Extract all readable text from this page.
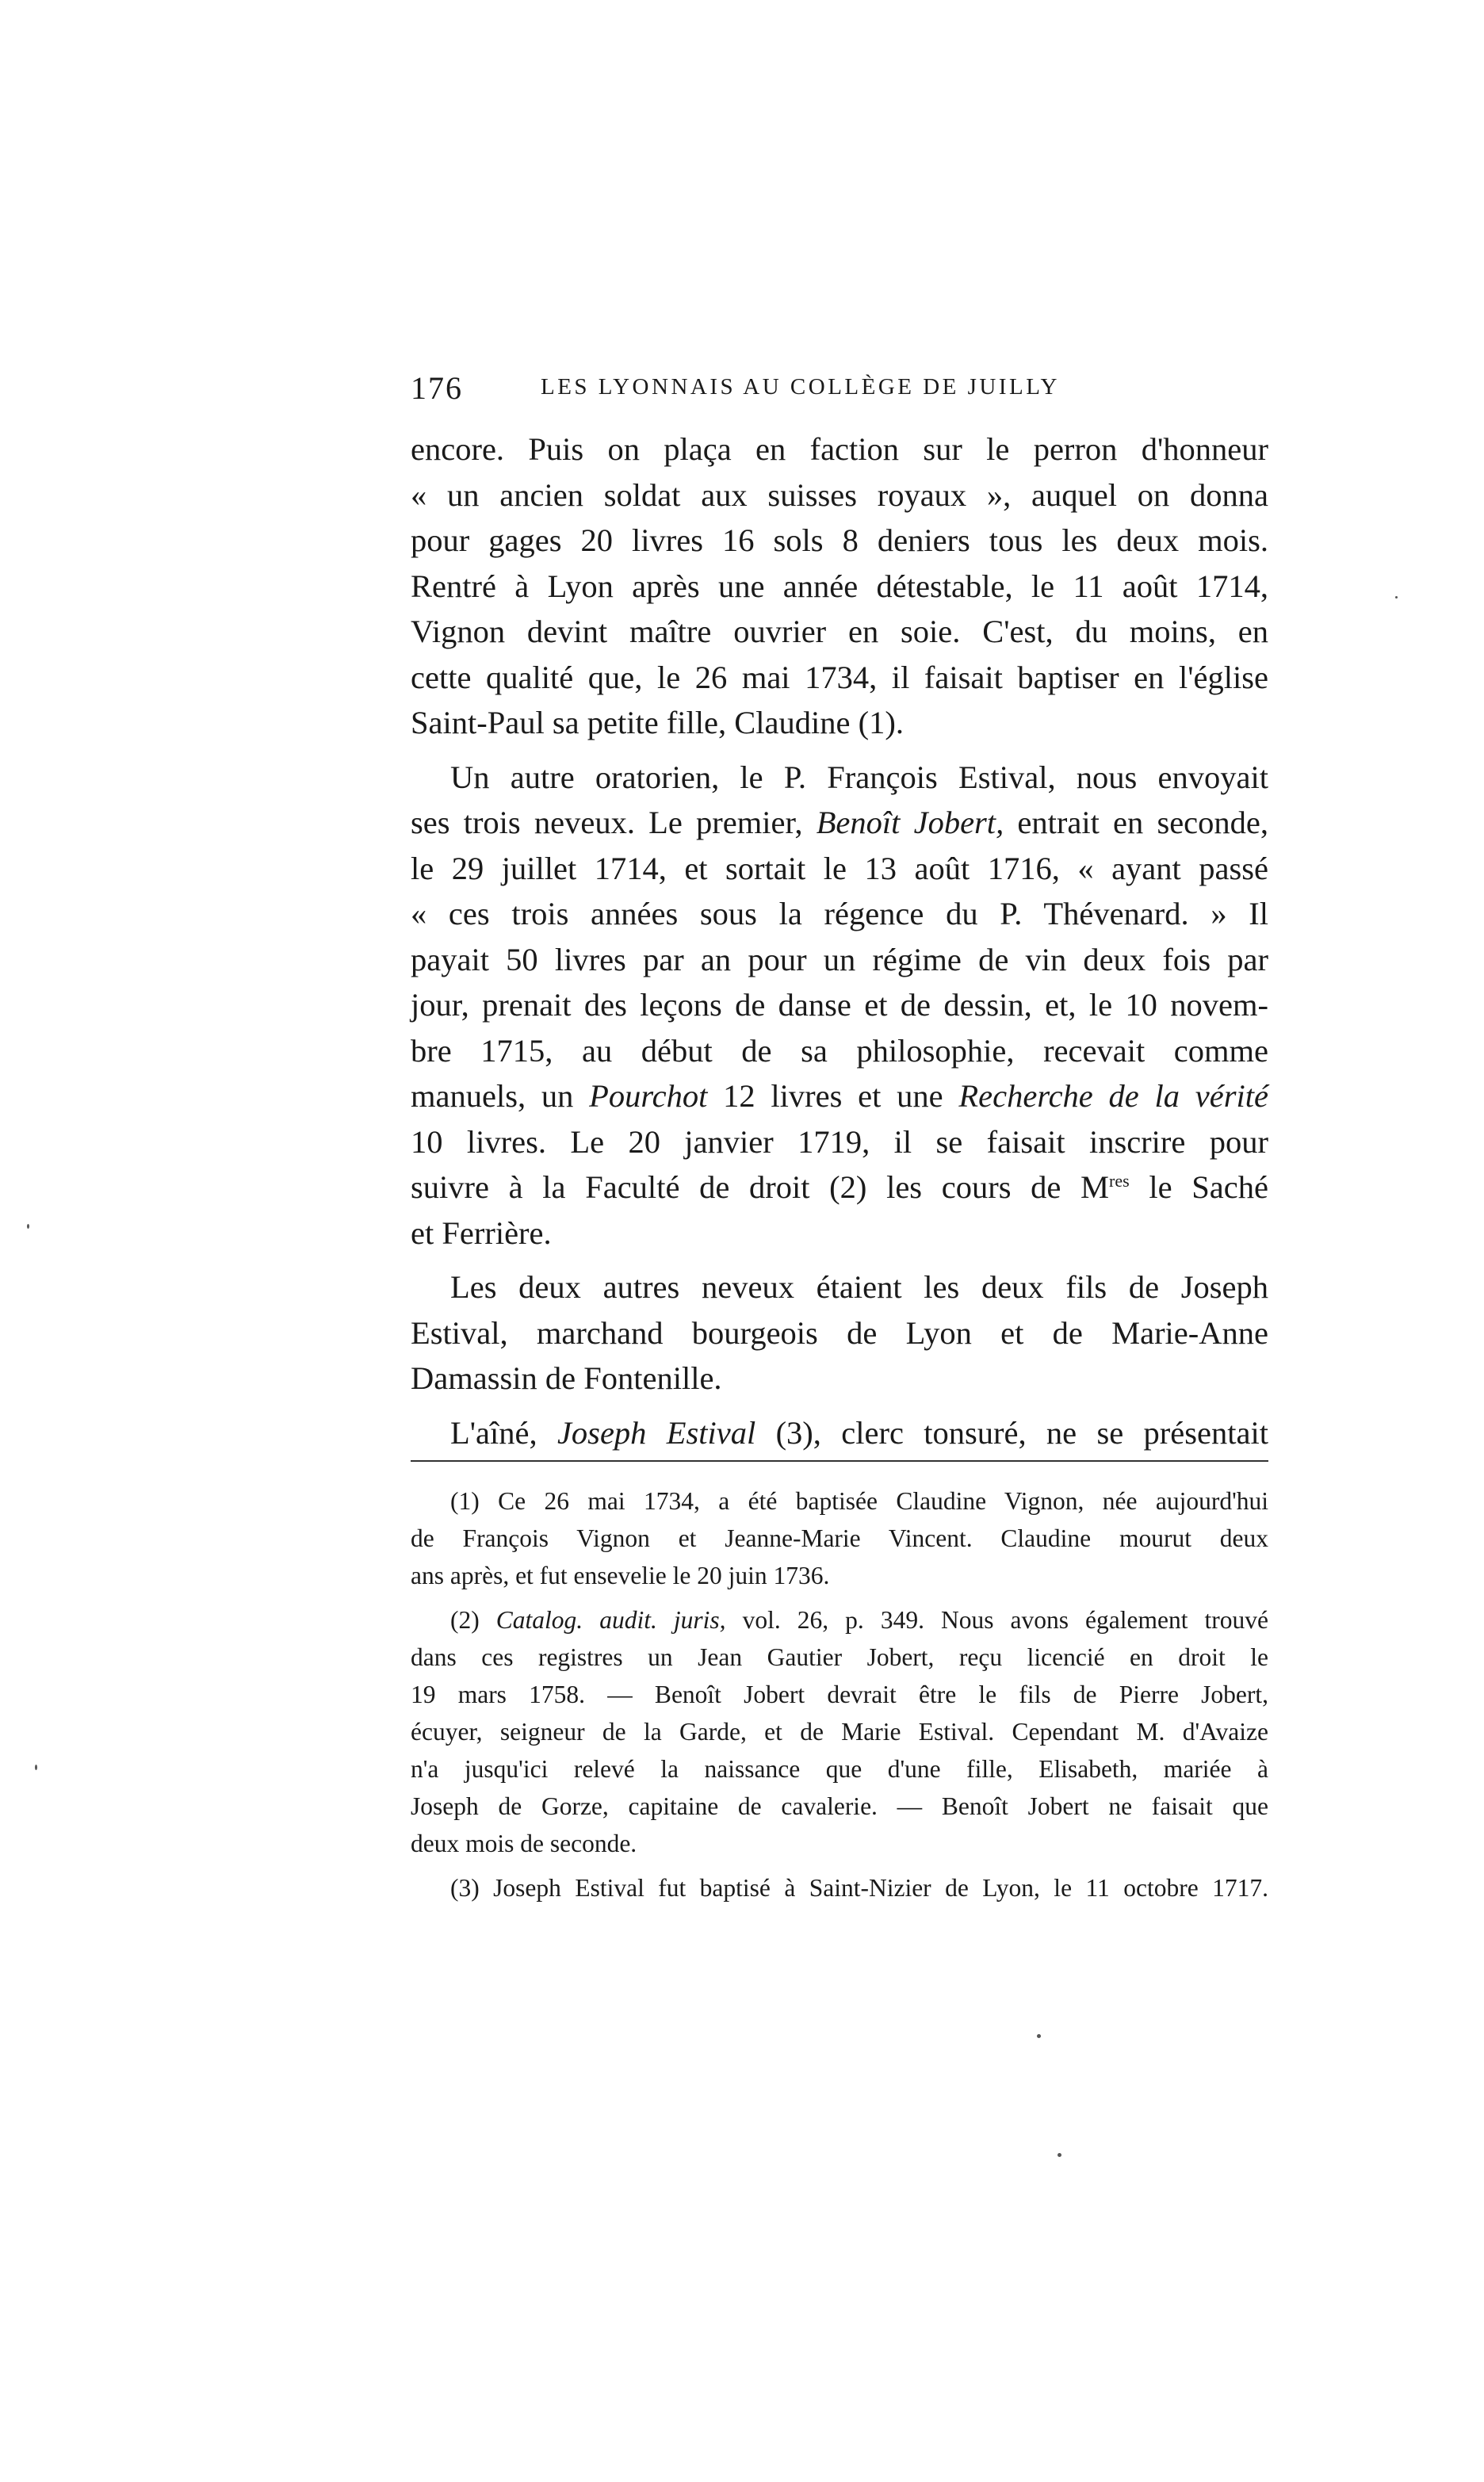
176	LES LYONNAIS AU COLLÈGE DE JUILLY
encore. Puis on plaça en faction sur le perron d'honneur
« un ancien soldat aux suisses royaux », auquel on donna
pour gages 20 livres 16 sols 8 deniers tous les deux mois.
Rentré à Lyon après une année détestable, le 11 août 1714,
Vignon devint maître ouvrier en soie. C'est, du moins, en
cette qualité que, le 26 mai 1734, il faisait baptiser en l'église
Saint-Paul sa petite fille, Claudine (1).
Un autre oratorien, le P. François Estival, nous envoyait
ses trois neveux. Le premier, Benoît Jobert, entrait en seconde,
le 29 juillet 1714, et sortait le 13 août 1716, « ayant passé
« ces trois années sous la régence du P. Thévenard. » Il
payait 50 livres par an pour un régime de vin deux fois par
jour, prenait des leçons de danse et de dessin, et, le 10 novem-
bre 1715, au début de sa philosophie, recevait comme
manuels, un Pourchot 12 livres et une Recherche de la vérité
10 livres. Le 20 janvier 1719, il se faisait inscrire pour
suivre à la Faculté de droit (2) les cours de Mres le Saché
et Ferrière.
Les deux autres neveux étaient les deux fils de Joseph
Estival, marchand bourgeois de Lyon et de Marie-Anne
Damassin de Fontenille.
L'aîné, Joseph Estival (3), clerc tonsuré, ne se présentait
(1) Ce 26 mai 1734, a été baptisée Claudine Vignon, née aujourd'hui
de François Vignon et Jeanne-Marie Vincent. Claudine mourut deux
ans après, et fut ensevelie le 20 juin 1736.
(2) Catalog. audit. juris, vol. 26, p. 349. Nous avons également trouvé
dans ces registres un Jean Gautier Jobert, reçu licencié en droit le
19 mars 1758. — Benoît Jobert devrait être le fils de Pierre Jobert,
écuyer, seigneur de la Garde, et de Marie Estival. Cependant M. d'Avaize
n'a jusqu'ici relevé la naissance que d'une fille, Elisabeth, mariée à
Joseph de Gorze, capitaine de cavalerie. — Benoît Jobert ne faisait que
deux mois de seconde.
(3) Joseph Estival fut baptisé à Saint-Nizier de Lyon, le 11 octobre 1717.
